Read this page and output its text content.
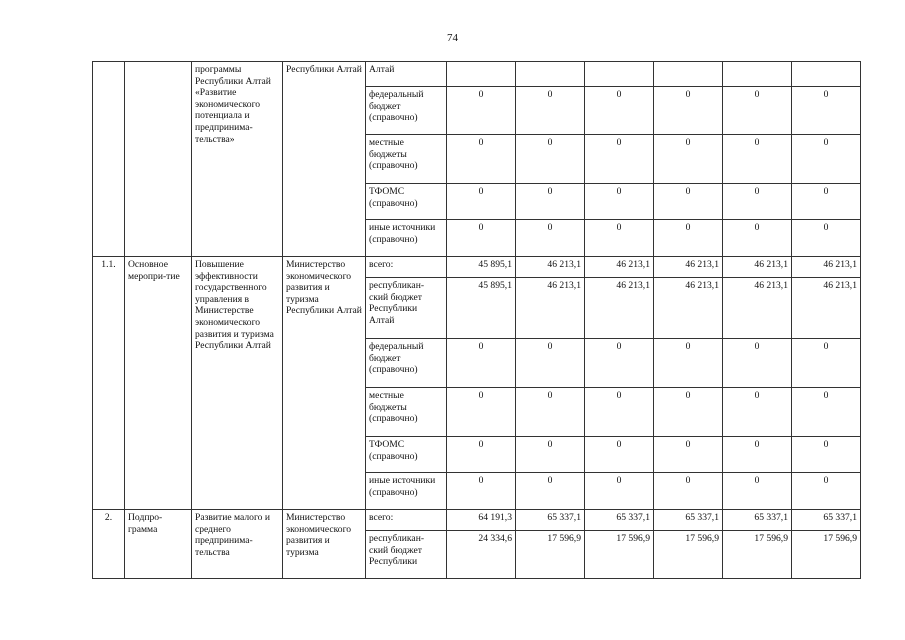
74

		программы Республики Алтай «Развитие экономического потенциала и предпринима-тельства»	Республики Алтай	Алтай						
				федеральный бюджет (справочно)	0	0	0	0	0	0
				местные бюджеты (справочно)	0	0	0	0	0	0
				ТФОМС (справочно)	0	0	0	0	0	0
				иные источники (справочно)	0	0	0	0	0	0
1.1.	Основное меропри-тие	Повышение эффективности государственного управления в Министерстве экономического развития и туризма Республики Алтай	Министерство экономического развития и туризма Республики Алтай	всего:	45 895,1	46 213,1	46 213,1	46 213,1	46 213,1	46 213,1
				республикан-ский бюджет Республики Алтай	45 895,1	46 213,1	46 213,1	46 213,1	46 213,1	46 213,1
				федеральный бюджет (справочно)	0	0	0	0	0	0
				местные бюджеты (справочно)	0	0	0	0	0	0
				ТФОМС (справочно)	0	0	0	0	0	0
				иные источники (справочно)	0	0	0	0	0	0
2.	Подпро-грамма	Развитие малого и среднего предпринима-тельства	Министерство экономического развития и туризма	всего:	64 191,3	65 337,1	65 337,1	65 337,1	65 337,1	65 337,1
				республикан-ский бюджет Республики	24 334,6	17 596,9	17 596,9	17 596,9	17 596,9	17 596,9
